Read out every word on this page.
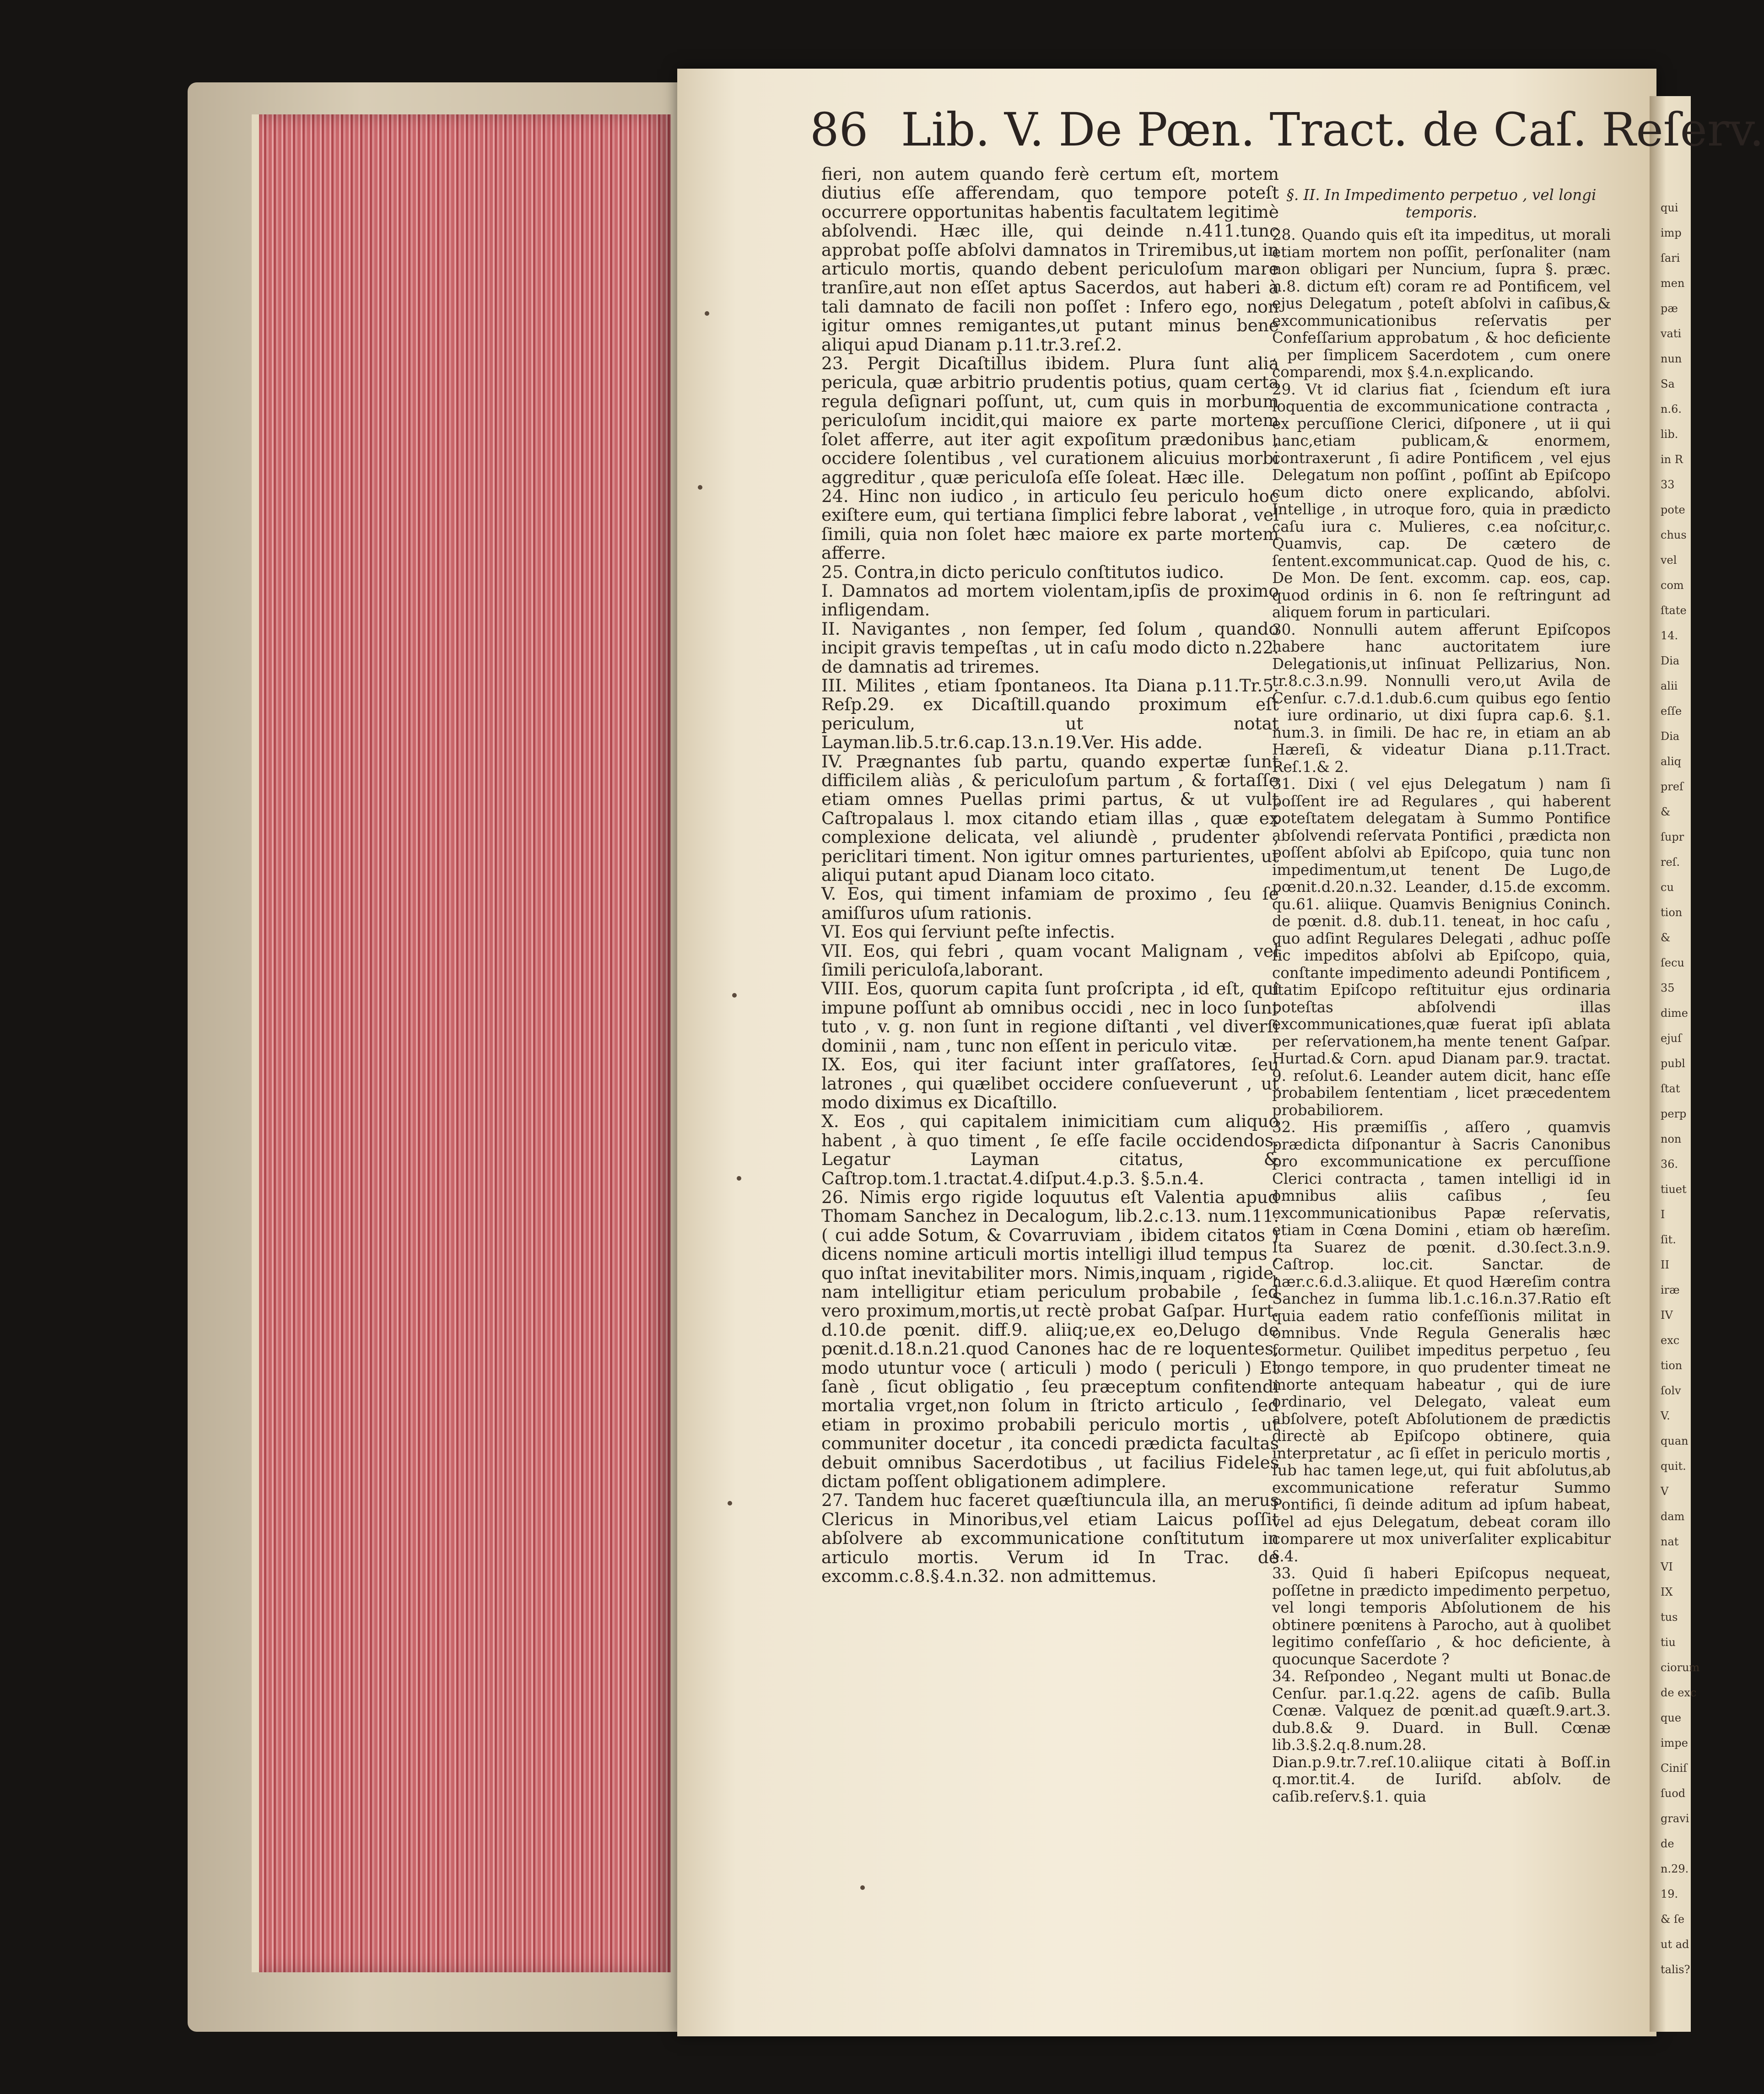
qui
imp
ſari
men
pæ
vati
nun
Sa
n.6.
lib.
in R
33
pote
chus
vel
com
ſtate
14.
Dia
alii
eſſe
Dia
aliq
preſ
&
ſupr
reſ.
cu
tion
&
ſecu
35
dime
ejuſ
publ
ſtat
perp
non
36.
tiuet
I
ſit.
II
iræ
IV
exc
tion
ſolv
V.
quan
quit.
V
dam
nat
VI
IX
tus
tiu
ciorum
de exc
que
impe
Ciniſ
ſuod
gravi
de
n.29.
19.
& ſe
ut ad
talis?
86 Lib. V. De Pœn. Tract. de Caſ. Reſerv.

fieri, non autem quando ferè certum eſt, mortem diutius eſſe afferendam, quo tempore poteſt occurrere opportunitas habentis facultatem legitimè abſolvendi. Hæc ille, qui deinde n.411.tunc approbat poſſe abſolvi damnatos in Triremibus,ut in articulo mortis, quando debent periculoſum mare tranſire,aut non eſſet aptus Sacerdos, aut haberi à tali damnato de facili non poſſet : Infero ego, non igitur omnes remigantes,ut putant minus bene aliqui apud Dianam p.11.tr.3.reſ.2.

23. Pergit Dicaſtillus ibidem. Plura ſunt alia pericula, quæ arbitrio prudentis potius, quam certa regula deſignari poſſunt, ut, cum quis in morbum periculoſum incidit,qui maiore ex parte mortem ſolet afferre, aut iter agit expoſitum prædonibus , occidere ſolentibus , vel curationem alicuius morbi aggreditur , quæ periculoſa eſſe ſoleat. Hæc ille.

24. Hinc non iudico , in articulo ſeu periculo hoc exiſtere eum, qui tertiana ſimplici febre laborat , vel ſimili, quia non ſolet hæc maiore ex parte mortem afferre.

25. Contra,in dicto periculo conſtitutos iudico.

I. Damnatos ad mortem violentam,ipſis de proximo infligendam.

II. Navigantes , non ſemper, ſed ſolum , quando incipit gravis tempeſtas , ut in caſu modo dicto n.22. de damnatis ad triremes.

III. Milites , etiam ſpontaneos. Ita Diana p.11.Tr.5. Reſp.29. ex Dicaſtill.quando proximum eſt periculum, ut notat Layman.lib.5.tr.6.cap.13.n.19.Ver. His adde.

IV. Prægnantes ſub partu, quando expertæ ſunt difficilem aliàs , & periculoſum partum , & fortaſſe etiam omnes Puellas primi partus, & ut vult Caſtropalaus l. mox citando etiam illas , quæ ex complexione delicata, vel aliundè , prudenter , periclitari timent. Non igitur omnes parturientes, ut aliqui putant apud Dianam loco citato.

V. Eos, qui timent infamiam de proximo , ſeu ſe amiſſuros uſum rationis.

VI. Eos qui ſerviunt peſte infectis.

VII. Eos, qui febri , quam vocant Malignam , vel ſimili periculoſa,laborant.

VIII. Eos, quorum capita ſunt proſcripta , id eſt, qui impune poſſunt ab omnibus occidi , nec in loco ſunt tuto , v. g. non ſunt in regione diſtanti , vel diverſi dominii , nam , tunc non eſſent in periculo vitæ.

IX. Eos, qui iter faciunt inter graſſatores, ſeu latrones , qui quælibet occidere conſueverunt , ut modo diximus ex Dicaſtillo.

X. Eos , qui capitalem inimicitiam cum aliquo habent , à quo timent , ſe eſſe facile occidendos. Legatur Layman citatus, & Caſtrop.tom.1.tractat.4.diſput.4.p.3. §.5.n.4.

26. Nimis ergo rigide loquutus eſt Valentia apud Thomam Sanchez in Decalogum, lib.2.c.13. num.11. ( cui adde Sotum, & Covarruviam , ibidem citatos ) dicens nomine articuli mortis intelligi illud tempus , quo inſtat inevitabiliter mors. Nimis,inquam , rigide, nam intelligitur etiam periculum probabile , ſed vero proximum,mortis,ut rectè probat Gaſpar. Hurt. d.10.de pœnit. diff.9. aliiq;ue,ex eo,Delugo de pœnit.d.18.n.21.quod Canones hac de re loquentes, modo utuntur voce ( articuli ) modo ( periculi ) Et ſanè , ſicut obligatio , ſeu præceptum confitendi mortalia vrget,non ſolum in ſtricto articulo , ſed etiam in proximo probabili periculo mortis , ut communiter docetur , ita concedi prædicta facultas debuit omnibus Sacerdotibus , ut facilius Fideles dictam poſſent obligationem adimplere.

27. Tandem huc faceret quæſtiuncula illa, an merus Clericus in Minoribus,vel etiam Laicus poſſit abſolvere ab excommunicatione conſtitutum in articulo mortis. Verum id In Trac. de excomm.c.8.§.4.n.32. non admittemus.

§. II. In Impedimento perpetuo , vel longi temporis.

28. Quando quis eſt ita impeditus, ut morali etiam mortem non poſſit, perſonaliter (nam non obligari per Nuncium, ſupra §. præc. n.8. dictum eſt) coram re ad Pontificem, vel ejus Delegatum , poteſt abſolvi in caſibus,& excommunicationibus reſervatis per Confeſſarium approbatum , & hoc deficiente , per ſimplicem Sacerdotem , cum onere comparendi, mox §.4.n.explicando.

29. Vt id clarius fiat , ſciendum eſt iura loquentia de excommunicatione contracta , ex percuſſione Clerici, diſponere , ut ii qui hanc,etiam publicam,& enormem, contraxerunt , ſi adire Pontificem , vel ejus Delegatum non poſſint , poſſint ab Epiſcopo cum dicto onere explicando, abſolvi. Intellige , in utroque foro, quia in prædicto caſu iura c. Mulieres, c.ea noſcitur,c. Quamvis, cap. De cætero de ſentent.excommunicat.cap. Quod de his, c. De Mon. De ſent. excomm. cap. eos, cap. quod ordinis in 6. non ſe reſtringunt ad aliquem forum in particulari.

30. Nonnulli autem afferunt Epiſcopos habere hanc auctoritatem iure Delegationis,ut inſinuat Pellizarius, Non. tr.8.c.3.n.99. Nonnulli vero,ut Avila de Cenſur. c.7.d.1.dub.6.cum quibus ego ſentio , iure ordinario, ut dixi ſupra cap.6. §.1. num.3. in ſimili. De hac re, in etiam an ab Hæreſi, & videatur Diana p.11.Tract. Reſ.1.& 2.

31. Dixi ( vel ejus Delegatum ) nam ſi poſſent ire ad Regulares , qui haberent poteſtatem delegatam à Summo Pontifice abſolvendi reſervata Pontifici , prædicta non poſſent abſolvi ab Epiſcopo, quia tunc non impedimentum,ut tenent De Lugo,de pœnit.d.20.n.32. Leander, d.15.de excomm. qu.61. aliique. Quamvis Benignius Coninch. de pœnit. d.8. dub.11. teneat, in hoc caſu , quo adſint Regulares Delegati , adhuc poſſe ſic impeditos abſolvi ab Epiſcopo, quia, conſtante impedimento adeundi Pontificem , ſtatim Epiſcopo reſtituitur ejus ordinaria poteſtas abſolvendi illas excommunicationes,quæ fuerat ipſi ablata per reſervationem,ha mente tenent Gaſpar. Hurtad.& Corn. apud Dianam par.9. tractat. 9. reſolut.6. Leander autem dicit, hanc eſſe probabilem ſententiam , licet præcedentem probabiliorem.

32. His præmiſſis , aſſero , quamvis prædicta diſponantur à Sacris Canonibus pro excommunicatione ex percuſſione Clerici contracta , tamen intelligi id in omnibus aliis caſibus , ſeu excommunicationibus Papæ reſervatis, etiam in Cœna Domini , etiam ob hæreſim. Ita Suarez de pœnit. d.30.ſect.3.n.9. Caſtrop. loc.cit. Sanctar. de hær.c.6.d.3.aliique. Et quod Hæreſim contra Sanchez in ſumma lib.1.c.16.n.37.Ratio eſt quia eadem ratio confeſſionis militat in omnibus. Vnde Regula Generalis hæc formetur. Quilibet impeditus perpetuo , ſeu longo tempore, in quo prudenter timeat ne morte antequam habeatur , qui de iure ordinario, vel Delegato, valeat eum abſolvere, poteſt Abſolutionem de prædictis directè ab Epiſcopo obtinere, quia interpretatur , ac ſi eſſet in periculo mortis , ſub hac tamen lege,ut, qui fuit abſolutus,ab excommunicatione referatur Summo Pontifici, ſi deinde aditum ad ipſum habeat, vel ad ejus Delegatum, debeat coram illo comparere ut mox univerſaliter explicabitur §.4.

33. Quid ſi haberi Epiſcopus nequeat, poſſetne in prædicto impedimento perpetuo, vel longi temporis Abſolutionem de his obtinere pœnitens à Parocho, aut à quolibet legitimo confeſſario , & hoc deficiente, à quocunque Sacerdote ?

34. Reſpondeo , Negant multi ut Bonac.de Cenſur. par.1.q.22. agens de caſib. Bulla Cœnæ. Valquez de pœnit.ad quæſt.9.art.3. dub.8.& 9. Duard. in Bull. Cœnæ lib.3.§.2.q.8.num.28. Dian.p.9.tr.7.reſ.10.aliique citati à Boſſ.in q.mor.tit.4. de Iuriſd. abſolv. de caſib.reſerv.§.1. quia
